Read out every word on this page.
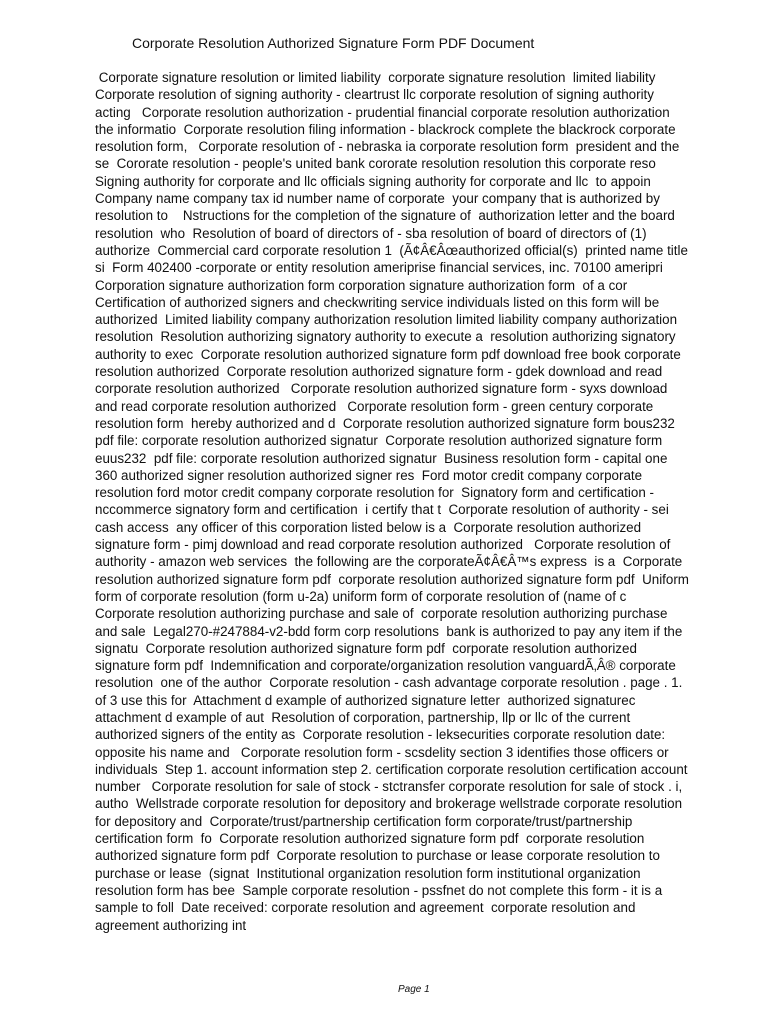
Corporate Resolution Authorized Signature Form PDF Document
Corporate signature resolution or limited liability  corporate signature resolution  limited liability
Corporate resolution of signing authority - cleartrust llc corporate resolution of signing authority
acting   Corporate resolution authorization - prudential financial corporate resolution authorization
the informatio  Corporate resolution filing information - blackrock complete the blackrock corporate
resolution form,   Corporate resolution of - nebraska ia corporate resolution form  president and the
se  Cororate resolution - people's united bank cororate resolution resolution this corporate reso
Signing authority for corporate and llc officials signing authority for corporate and llc  to appoin
Company name company tax id number name of corporate  your company that is authorized by
resolution to    Nstructions for the completion of the signature of  authorization letter and the board
resolution  who  Resolution of board of directors of - sba resolution of board of directors of (1)
authorize  Commercial card corporate resolution 1  (Ã¢Â€Âœauthorized official(s)  printed name title
si  Form 402400 -corporate or entity resolution ameriprise financial services, inc. 70100 ameripri
Corporation signature authorization form corporation signature authorization form  of a cor
Certification of authorized signers and checkwriting service individuals listed on this form will be
authorized  Limited liability company authorization resolution limited liability company authorization
resolution  Resolution authorizing signatory authority to execute a  resolution authorizing signatory
authority to exec  Corporate resolution authorized signature form pdf download free book corporate
resolution authorized  Corporate resolution authorized signature form - gdek download and read
corporate resolution authorized   Corporate resolution authorized signature form - syxs download
and read corporate resolution authorized   Corporate resolution form - green century corporate
resolution form  hereby authorized and d  Corporate resolution authorized signature form bous232
pdf file: corporate resolution authorized signatur  Corporate resolution authorized signature form
euus232  pdf file: corporate resolution authorized signatur  Business resolution form - capital one
360 authorized signer resolution authorized signer res  Ford motor credit company corporate
resolution ford motor credit company corporate resolution for  Signatory form and certification -
nccommerce signatory form and certification  i certify that t  Corporate resolution of authority - sei
cash access  any officer of this corporation listed below is a  Corporate resolution authorized
signature form - pimj download and read corporate resolution authorized   Corporate resolution of
authority - amazon web services  the following are the corporateÃ¢Â€Â™s express  is a  Corporate
resolution authorized signature form pdf  corporate resolution authorized signature form pdf  Uniform
form of corporate resolution (form u-2a) uniform form of corporate resolution of (name of c
Corporate resolution authorizing purchase and sale of  corporate resolution authorizing purchase
and sale  Legal270-#247884-v2-bdd form corp resolutions  bank is authorized to pay any item if the
signatu  Corporate resolution authorized signature form pdf  corporate resolution authorized
signature form pdf  Indemnification and corporate/organization resolution vanguardÃ‚Â® corporate
resolution  one of the author  Corporate resolution - cash advantage corporate resolution . page . 1.
of 3 use this for  Attachment d example of authorized signature letter  authorized signaturec
attachment d example of aut  Resolution of corporation, partnership, llp or llc of the current
authorized signers of the entity as  Corporate resolution - leksecurities corporate resolution date:
opposite his name and   Corporate resolution form - scsdelity section 3 identifies those officers or
individuals  Step 1. account information step 2. certification corporate resolution certification account
number   Corporate resolution for sale of stock - stctransfer corporate resolution for sale of stock . i,
autho  Wellstrade corporate resolution for depository and brokerage wellstrade corporate resolution
for depository and  Corporate/trust/partnership certification form corporate/trust/partnership
certification form  fo  Corporate resolution authorized signature form pdf  corporate resolution
authorized signature form pdf  Corporate resolution to purchase or lease corporate resolution to
purchase or lease  (signat  Institutional organization resolution form institutional organization
resolution form has bee  Sample corporate resolution - pssfnet do not complete this form - it is a
sample to foll  Date received: corporate resolution and agreement  corporate resolution and
agreement authorizing int
Page 1
